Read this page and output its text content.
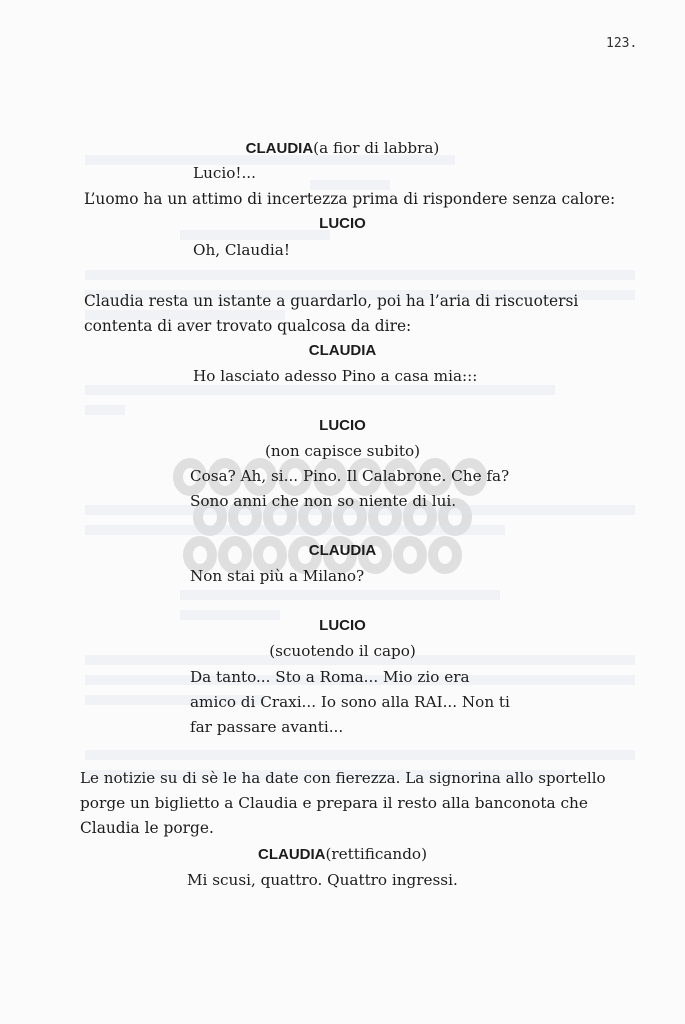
123.
CLAUDIA(a fior di labbra)
Lucio!...
L’uomo ha un attimo di incertezza prima di rispondere senza calore:
LUCIO
Oh, Claudia!
Claudia resta un istante a guardarlo, poi ha l’aria di riscuotersi
contenta di aver trovato qualcosa da dire:
CLAUDIA
Ho lasciato adesso Pino a casa mia:::
LUCIO
(non capisce subito)
Cosa? Ah, si... Pino. Il Calabrone. Che fa?
Sono anni che non so niente di lui.
CLAUDIA
Non stai più a Milano?
LUCIO
(scuotendo il capo)
Da tanto... Sto a Roma... Mio zio era
amico di Craxi... Io sono alla RAI... Non ti
far passare avanti...
Le notizie su di sè le ha date con fierezza. La signorina allo sportello
porge un biglietto a Claudia e prepara il resto alla banconota che
Claudia le porge.
CLAUDIA(rettificando)
Mi scusi, quattro. Quattro ingressi.
